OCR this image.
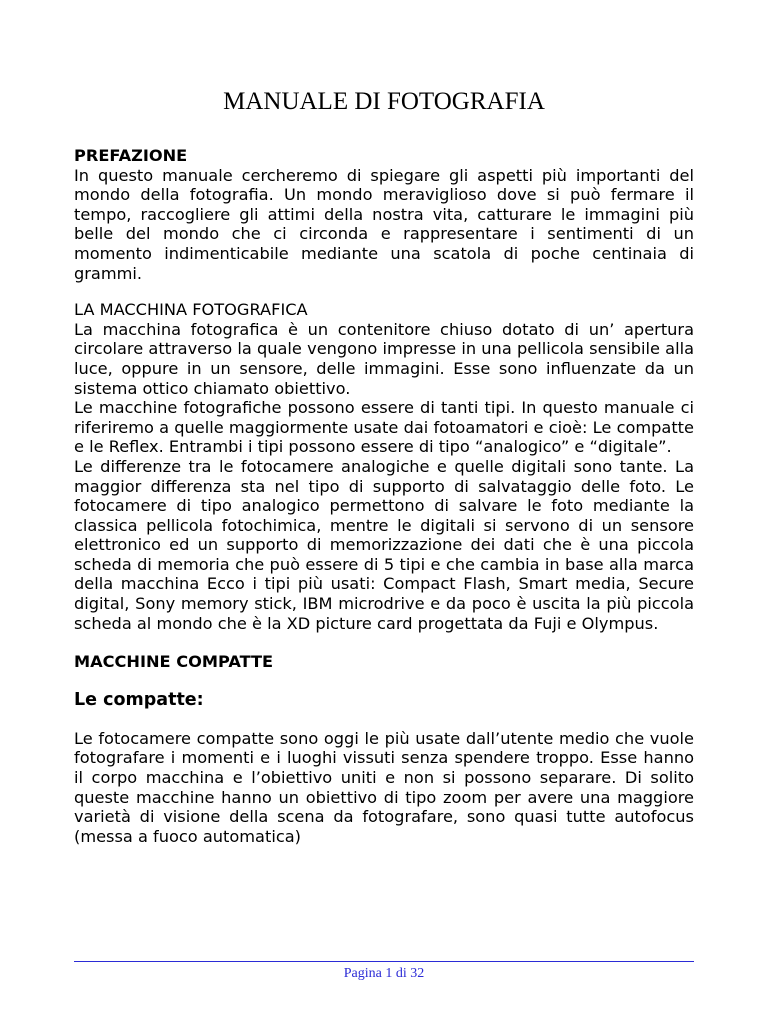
MANUALE DI FOTOGRAFIA
PREFAZIONE

In questo manuale cercheremo di spiegare gli aspetti più importanti del mondo della fotografia. Un mondo meraviglioso dove si può fermare il tempo, raccogliere gli attimi della nostra vita, catturare le immagini più belle del mondo che ci circonda e rappresentare i sentimenti di un momento indimenticabile mediante una scatola di poche centinaia di grammi.

LA MACCHINA FOTOGRAFICA

La macchina fotografica è un contenitore chiuso dotato di un’ apertura circolare attraverso la quale vengono impresse in una pellicola sensibile alla luce, oppure in un sensore, delle immagini. Esse sono influenzate da un sistema ottico chiamato obiettivo.

Le macchine fotografiche possono essere di tanti tipi. In questo manuale ci riferiremo a quelle maggiormente usate dai fotoamatori e cioè: Le compatte e le Reflex. Entrambi i tipi possono essere di tipo “analogico” e “digitale”.

Le differenze tra le fotocamere analogiche e quelle digitali sono tante. La maggior differenza sta nel tipo di supporto di salvataggio delle foto. Le fotocamere di tipo analogico permettono di salvare le foto mediante la classica pellicola fotochimica, mentre le digitali si servono di un sensore elettronico ed un supporto di memorizzazione dei dati che è una piccola scheda di memoria che può essere di 5 tipi e che cambia in base alla marca della macchina Ecco i tipi più usati: Compact Flash, Smart media, Secure digital, Sony memory stick, IBM microdrive e da poco è uscita la più piccola scheda al mondo che è la XD picture card progettata da Fuji e Olympus.

MACCHINE COMPATTE
Le compatte:

Le fotocamere compatte sono oggi le più usate dall’utente medio che vuole fotografare i momenti e i luoghi vissuti senza spendere troppo. Esse hanno il corpo macchina e l’obiettivo uniti e non si possono separare. Di solito queste macchine hanno un obiettivo di tipo zoom per avere una maggiore varietà di visione della scena da fotografare, sono quasi tutte autofocus (messa a fuoco automatica)

Pagina 1 di 32
